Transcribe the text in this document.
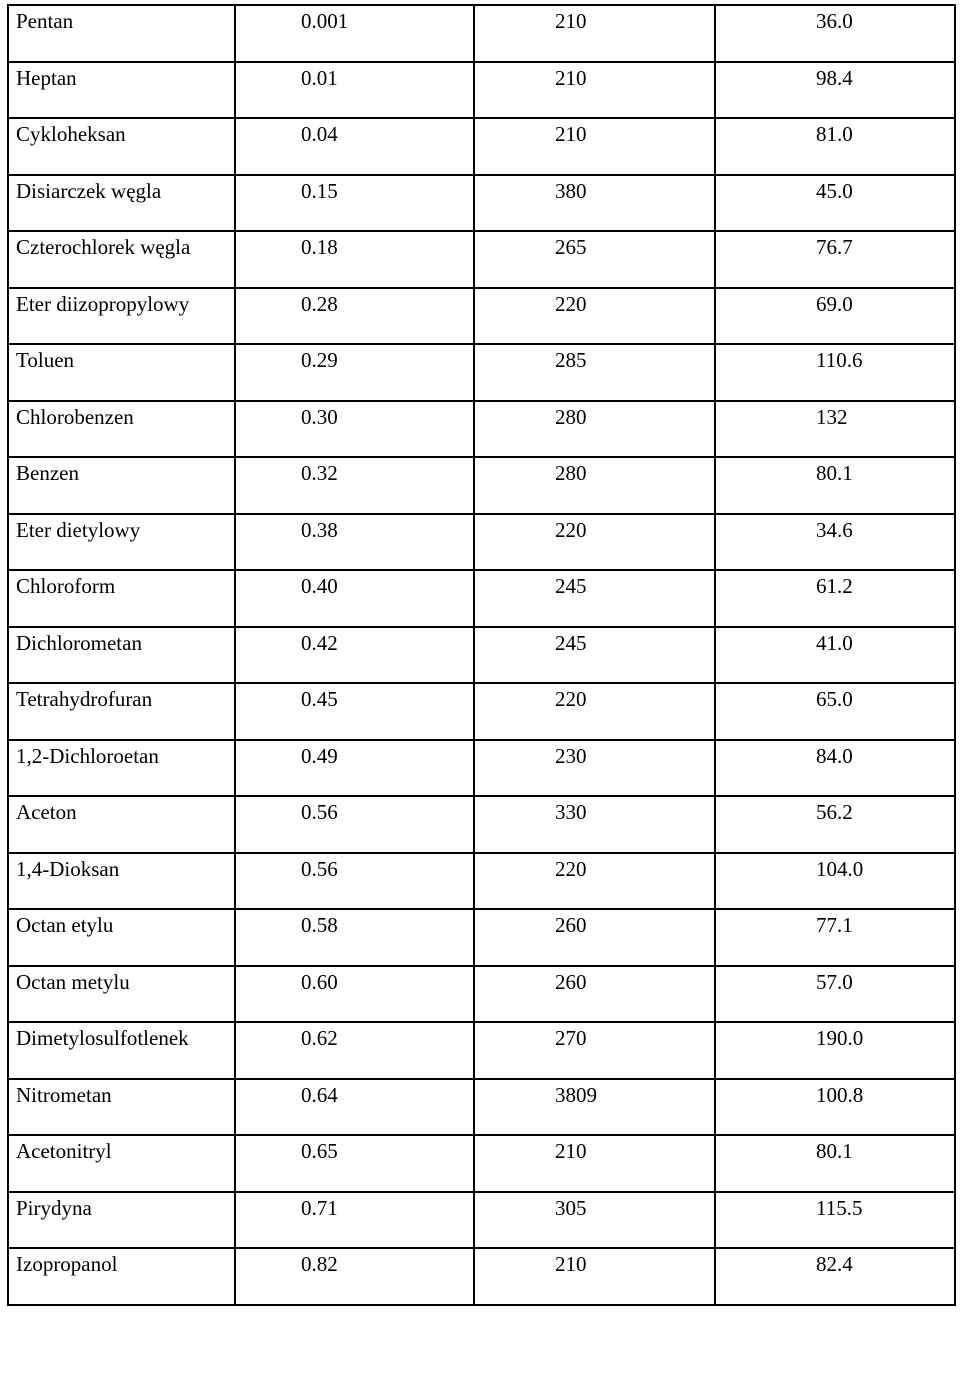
Pentan	0.001	210	36.0

Heptan	0.01	210	98.4

Cykloheksan	0.04	210	81.0

Disiarczek węgla	0.15	380	45.0

Czterochlorek węgla	0.18	265	76.7

Eter diizopropylowy	0.28	220	69.0

Toluen	0.29	285	110.6

Chlorobenzen	0.30	280	132

Benzen	0.32	280	80.1

Eter dietylowy	0.38	220	34.6

Chloroform	0.40	245	61.2

Dichlorometan	0.42	245	41.0

Tetrahydrofuran	0.45	220	65.0

1,2-Dichloroetan	0.49	230	84.0

Aceton	0.56	330	56.2

1,4-Dioksan	0.56	220	104.0

Octan etylu	0.58	260	77.1

Octan metylu	0.60	260	57.0

Dimetylosulfotlenek	0.62	270	190.0

Nitrometan	0.64	3809	100.8

Acetonitryl	0.65	210	80.1

Pirydyna	0.71	305	115.5

Izopropanol	0.82	210	82.4
